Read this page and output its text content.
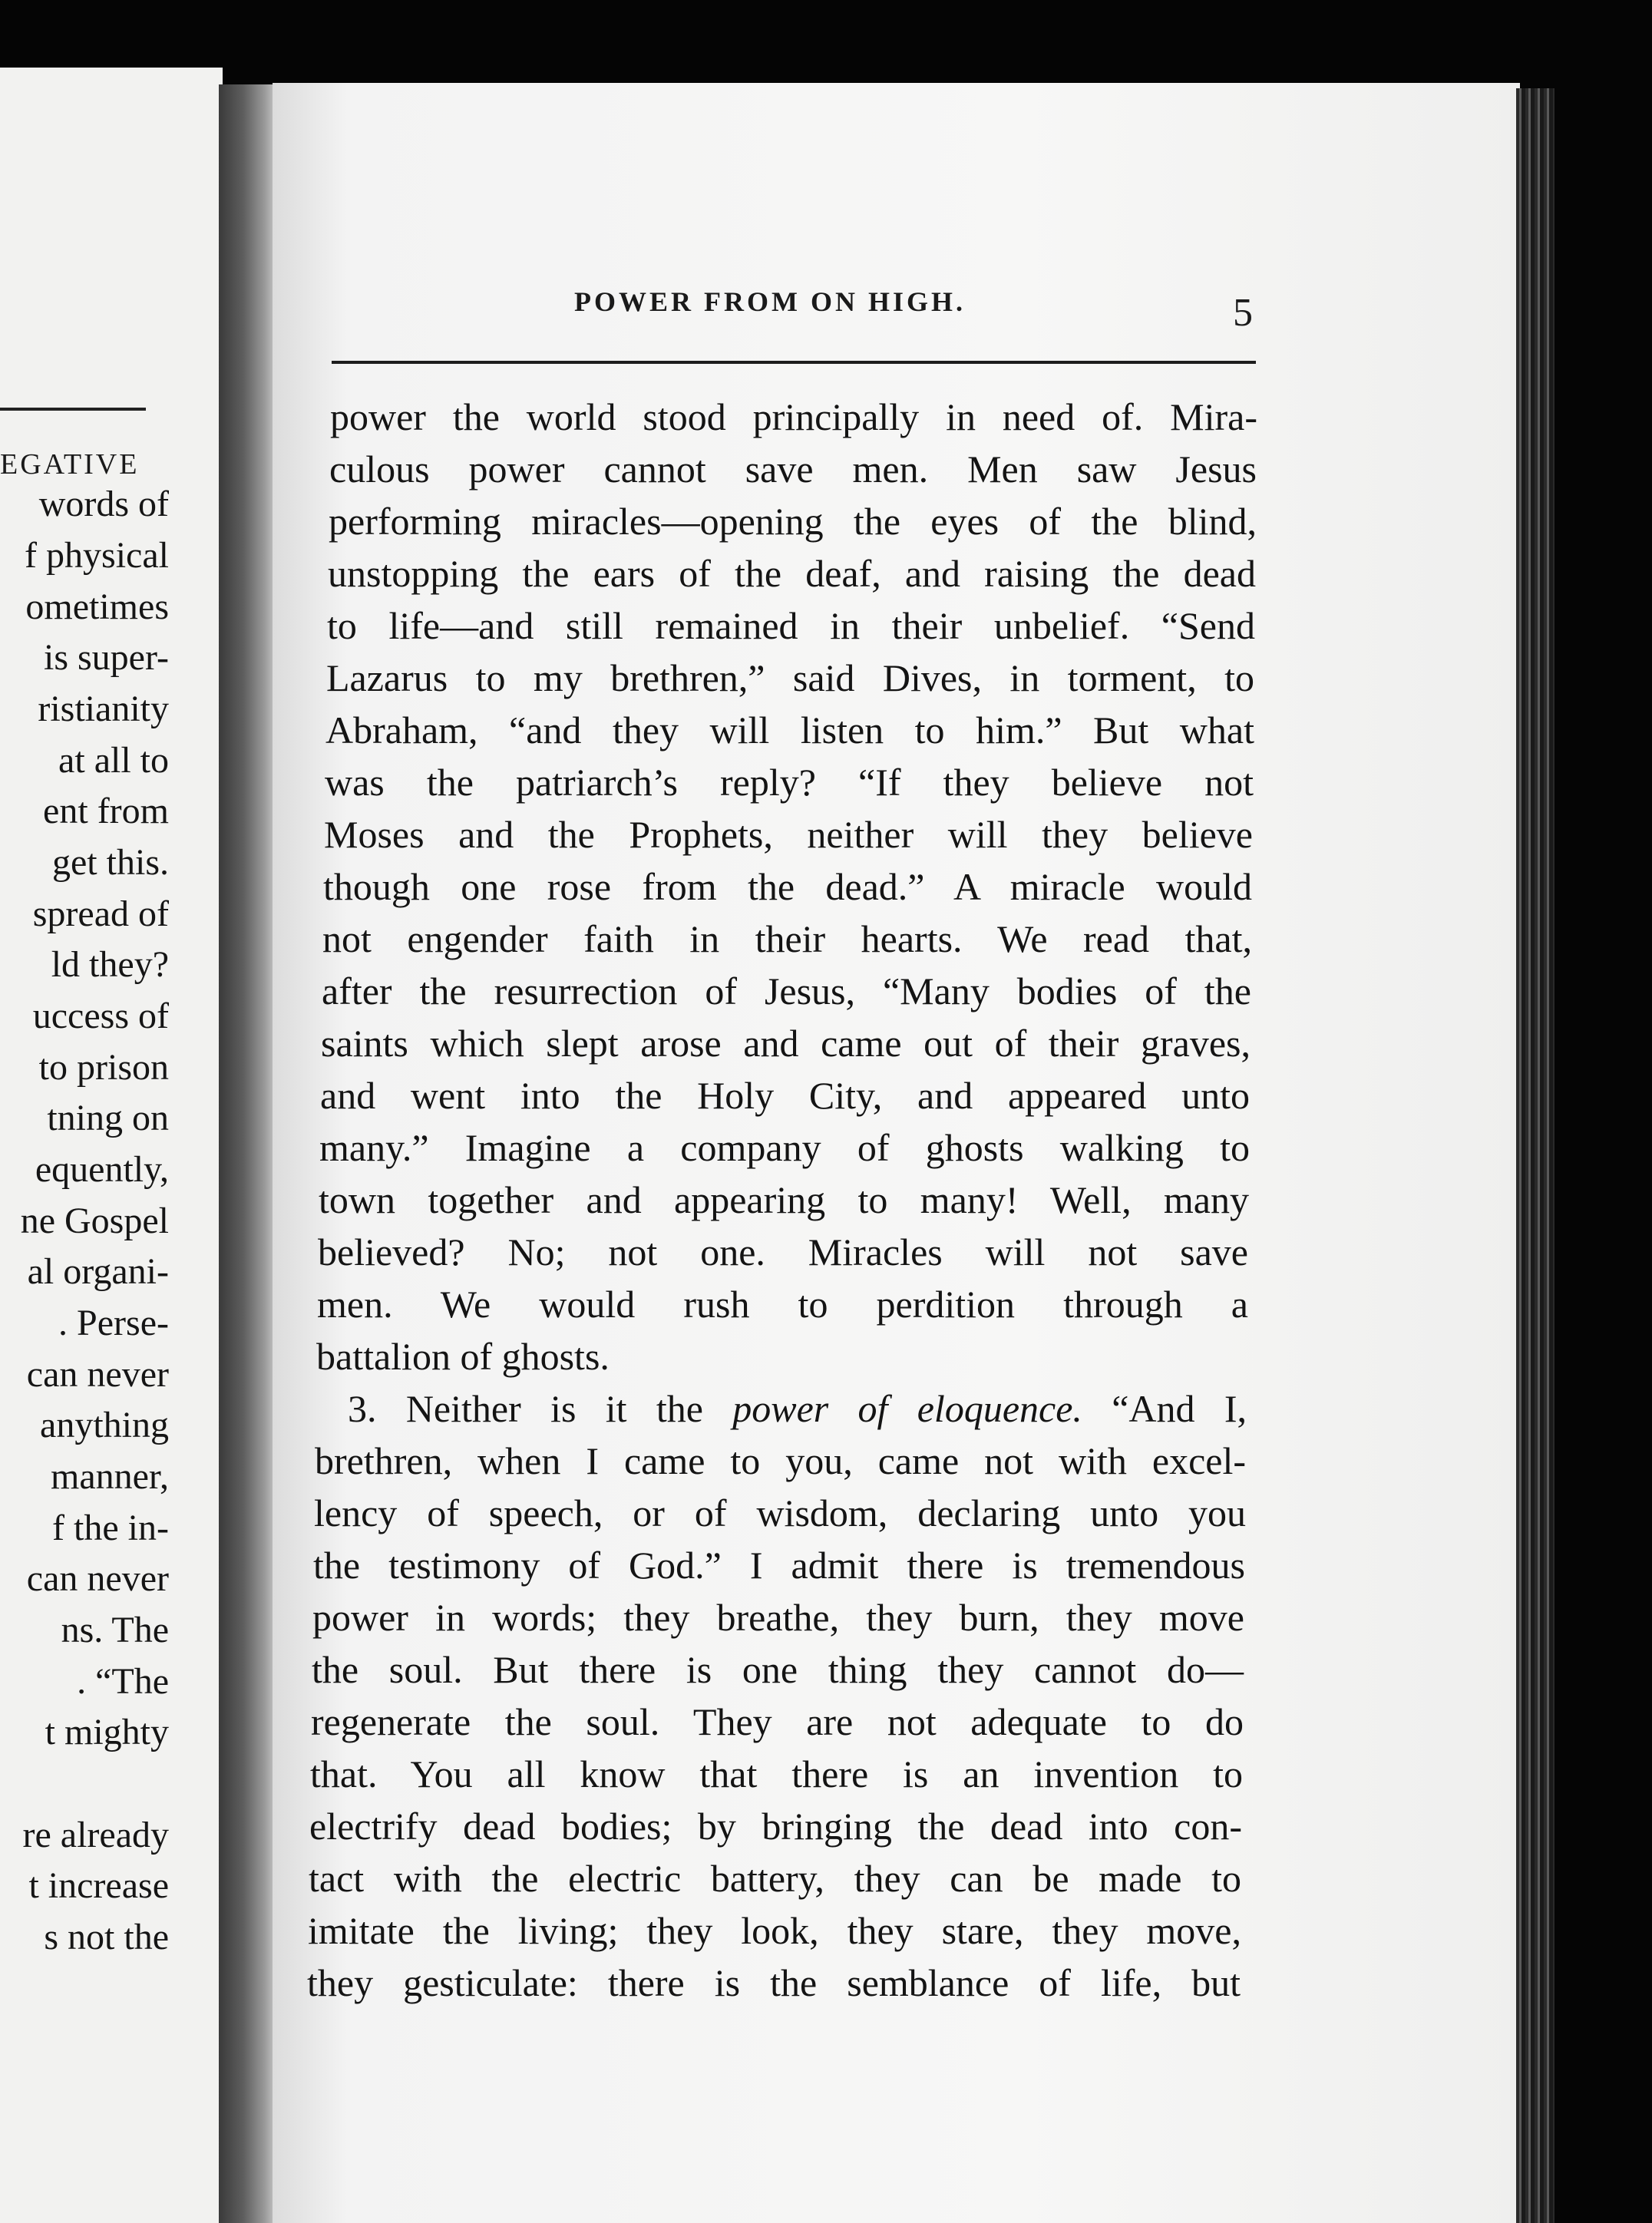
EGATIVE
words of
f physical
ometimes
is super-
ristianity
at all to
ent from
get this.
spread of
ld they?
uccess of
to prison
tning on
equently,
ne Gospel
al organi-
. Perse-
can never
anything
manner,
f the in-
can never
ns. The
. “The
t mighty
re already
t increase
s not the
POWER FROM ON HIGH.	5
power the world stood principally in need of. Mira-
culous power cannot save men. Men saw Jesus
performing miracles—opening the eyes of the blind,
unstopping the ears of the deaf, and raising the dead
to life—and still remained in their unbelief. “Send
Lazarus to my brethren,” said Dives, in torment, to
Abraham, “and they will listen to him.” But what
was the patriarch’s reply? “If they believe not
Moses and the Prophets, neither will they believe
though one rose from the dead.” A miracle would
not engender faith in their hearts. We read that,
after the resurrection of Jesus, “Many bodies of the
saints which slept arose and came out of their graves,
and went into the Holy City, and appeared unto
many.” Imagine a company of ghosts walking to
town together and appearing to many! Well, many
believed? No; not one. Miracles will not save
men. We would rush to perdition through a
battalion of ghosts.
3. Neither is it the power of eloquence. “And I,
brethren, when I came to you, came not with excel-
lency of speech, or of wisdom, declaring unto you
the testimony of God.” I admit there is tremendous
power in words; they breathe, they burn, they move
the soul. But there is one thing they cannot do—
regenerate the soul. They are not adequate to do
that. You all know that there is an invention to
electrify dead bodies; by bringing the dead into con-
tact with the electric battery, they can be made to
imitate the living; they look, they stare, they move,
they gesticulate: there is the semblance of life, but
